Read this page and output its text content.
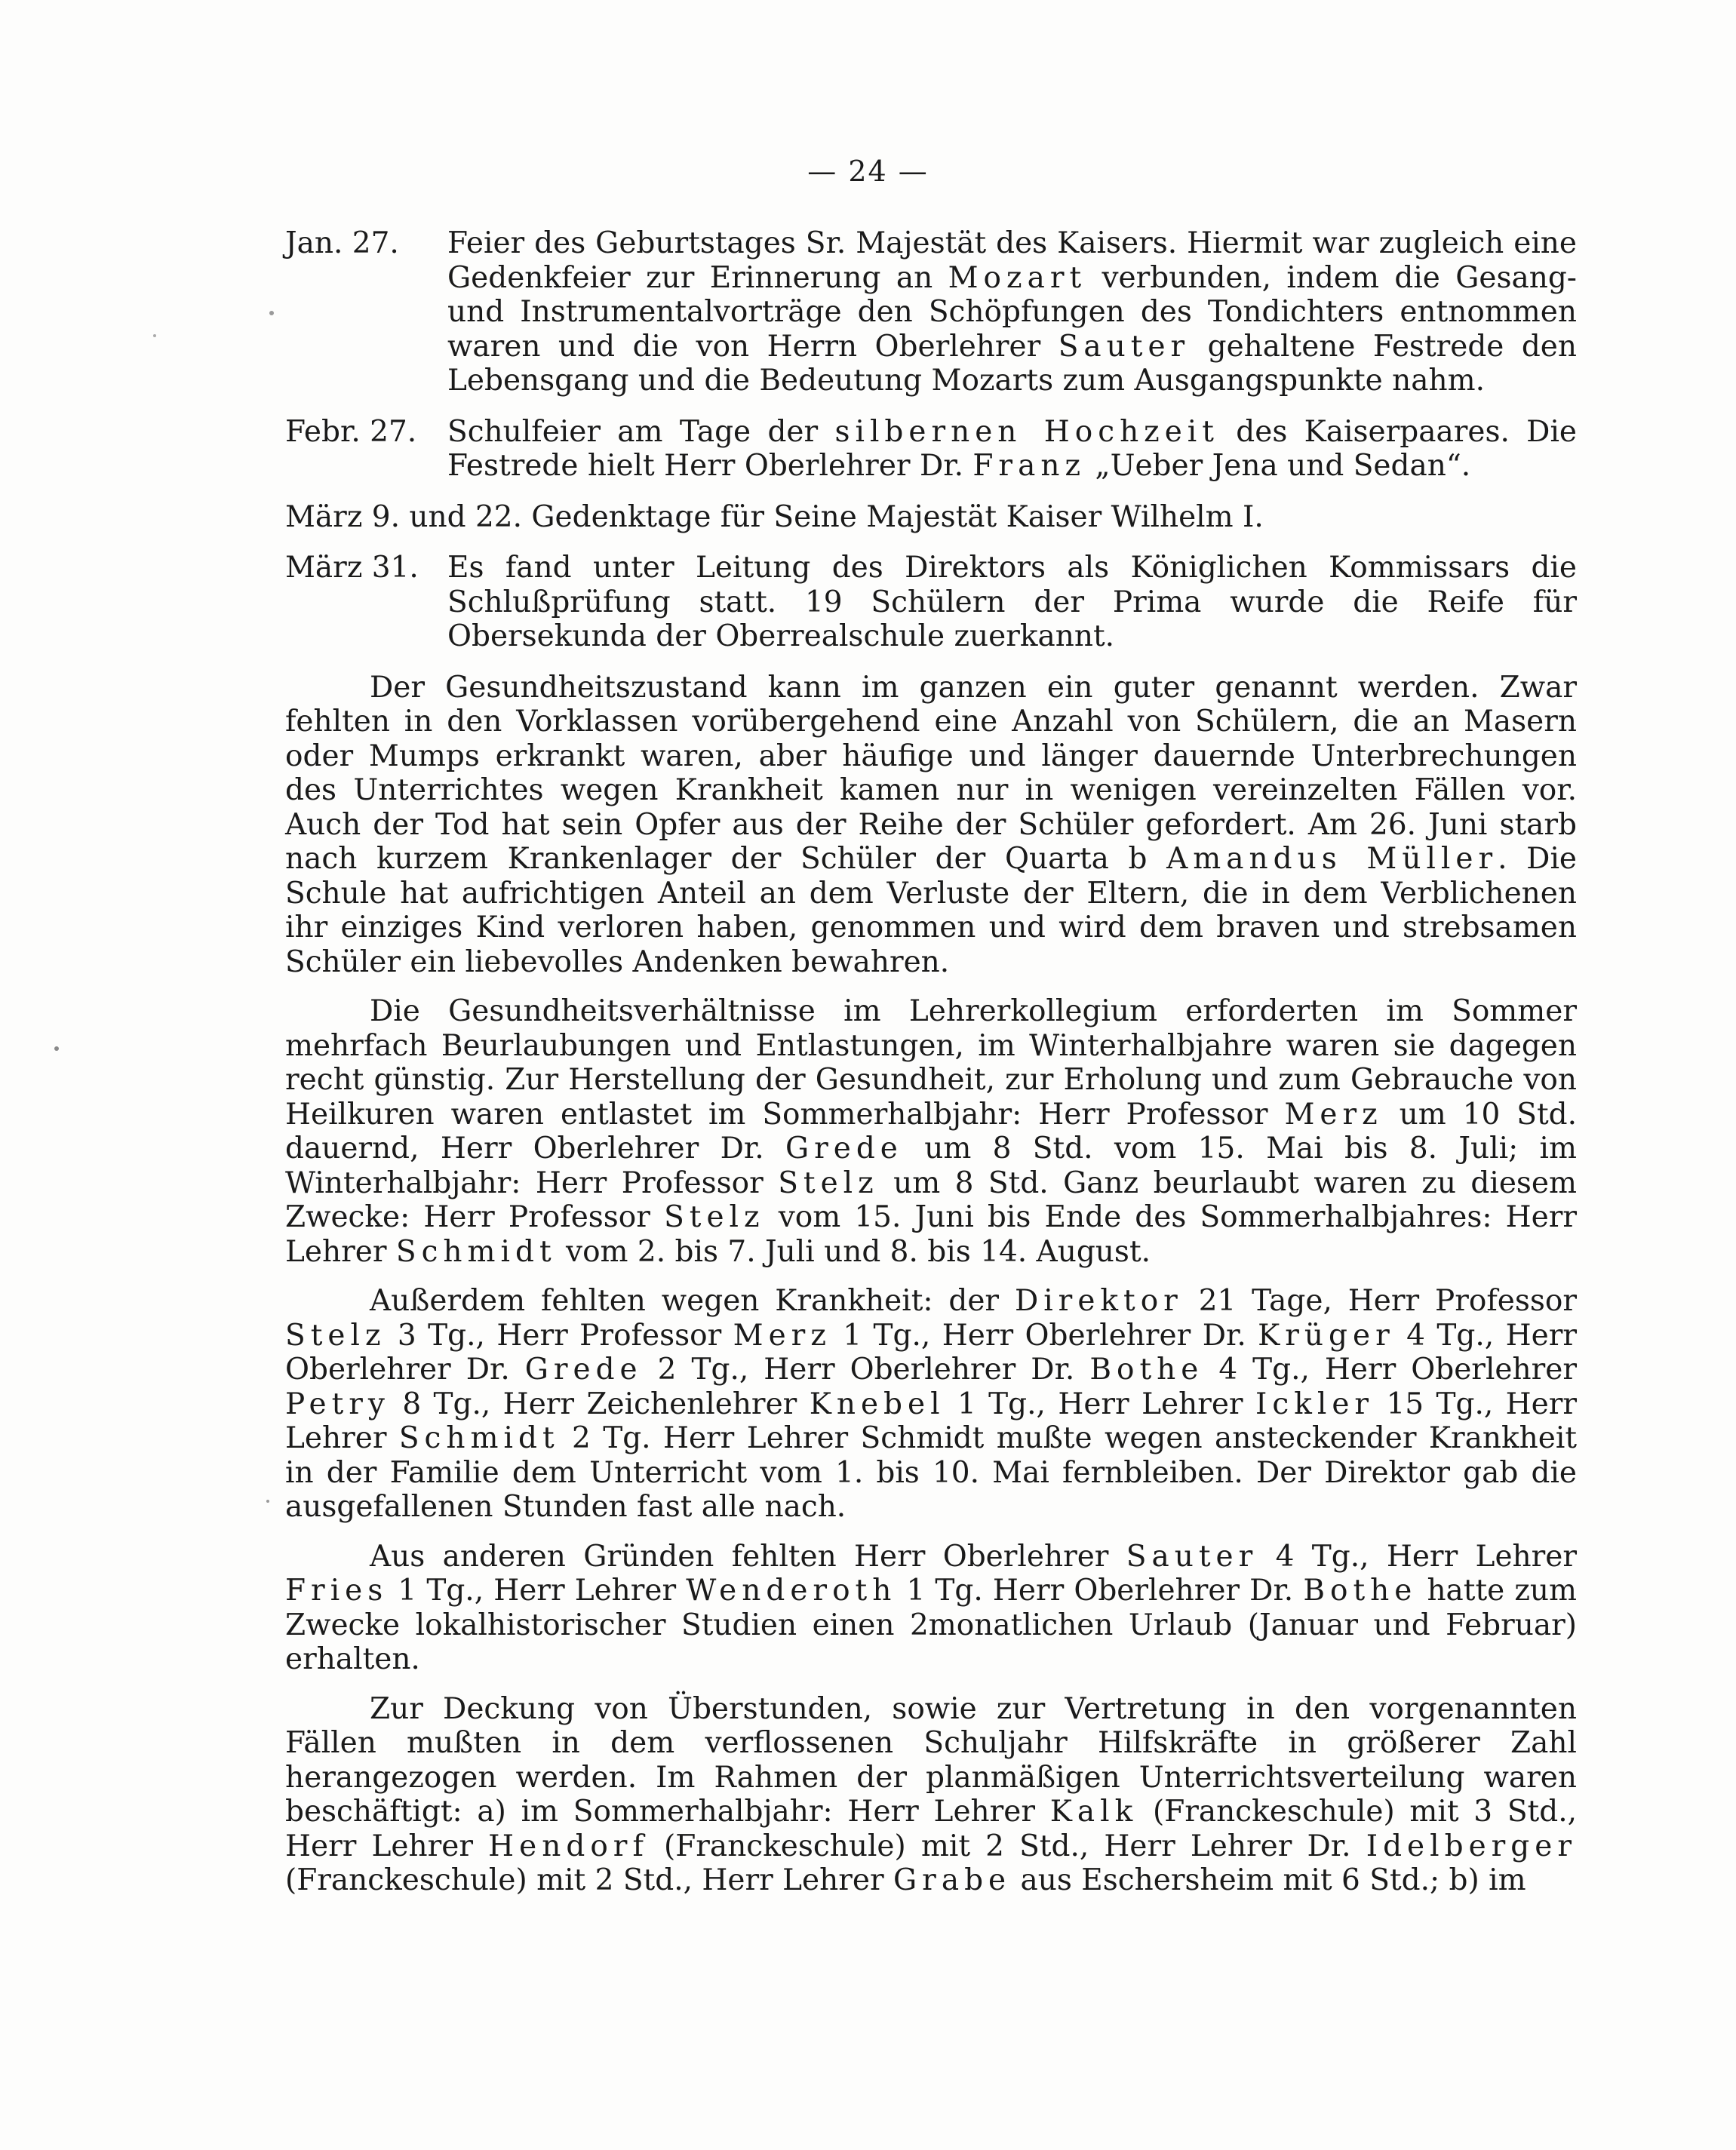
— 24 —
Jan. 27.	Feier des Geburtstages Sr. Majestät des Kaisers. Hiermit war zugleich eine Gedenkfeier zur Erinnerung an Mozart verbunden, indem die Gesang- und Instrumentalvorträge den Schöpfungen des Tondichters entnommen waren und die von Herrn Oberlehrer Sauter gehaltene Festrede den Lebensgang und die Bedeutung Mozarts zum Ausgangspunkte nahm.
Febr. 27.	Schulfeier am Tage der silbernen Hochzeit des Kaiserpaares. Die Festrede hielt Herr Oberlehrer Dr. Franz „Ueber Jena und Sedan“.
März 9. und 22. Gedenktage für Seine Majestät Kaiser Wilhelm I.
März 31. Es fand unter Leitung des Direktors als Königlichen Kommissars die Schlußprüfung statt. 19 Schülern der Prima wurde die Reife für Obersekunda der Oberrealschule zuerkannt.

Der Gesundheitszustand kann im ganzen ein guter genannt werden. Zwar fehlten in den Vorklassen vorübergehend eine Anzahl von Schülern, die an Masern oder Mumps erkrankt waren, aber häufige und länger dauernde Unterbrechungen des Unterrichtes wegen Krankheit kamen nur in wenigen vereinzelten Fällen vor. Auch der Tod hat sein Opfer aus der Reihe der Schüler gefordert. Am 26. Juni starb nach kurzem Krankenlager der Schüler der Quarta b Amandus Müller. Die Schule hat aufrichtigen Anteil an dem Verluste der Eltern, die in dem Verblichenen ihr einziges Kind verloren haben, genommen und wird dem braven und strebsamen Schüler ein liebevolles Andenken bewahren.

Die Gesundheitsverhältnisse im Lehrerkollegium erforderten im Sommer mehrfach Beurlaubungen und Entlastungen, im Winterhalbjahre waren sie dagegen recht günstig. Zur Herstellung der Gesundheit, zur Erholung und zum Gebrauche von Heilkuren waren entlastet im Sommerhalbjahr: Herr Professor Merz um 10 Std. dauernd, Herr Oberlehrer Dr. Grede um 8 Std. vom 15. Mai bis 8. Juli; im Winterhalbjahr: Herr Professor Stelz um 8 Std. Ganz beurlaubt waren zu diesem Zwecke: Herr Professor Stelz vom 15. Juni bis Ende des Sommerhalbjahres: Herr Lehrer Schmidt vom 2. bis 7. Juli und 8. bis 14. August.

Außerdem fehlten wegen Krankheit: der Direktor 21 Tage, Herr Professor Stelz 3 Tg., Herr Professor Merz 1 Tg., Herr Oberlehrer Dr. Krüger 4 Tg., Herr Oberlehrer Dr. Grede 2 Tg., Herr Oberlehrer Dr. Bothe 4 Tg., Herr Oberlehrer Petry 8 Tg., Herr Zeichenlehrer Knebel 1 Tg., Herr Lehrer Ickler 15 Tg., Herr Lehrer Schmidt 2 Tg. Herr Lehrer Schmidt mußte wegen ansteckender Krankheit in der Familie dem Unterricht vom 1. bis 10. Mai fernbleiben. Der Direktor gab die ausgefallenen Stunden fast alle nach.

Aus anderen Gründen fehlten Herr Oberlehrer Sauter 4 Tg., Herr Lehrer Fries 1 Tg., Herr Lehrer Wenderoth 1 Tg. Herr Oberlehrer Dr. Bothe hatte zum Zwecke lokalhistorischer Studien einen 2monatlichen Urlaub (Januar und Februar) erhalten.

Zur Deckung von Überstunden, sowie zur Vertretung in den vorgenannten Fällen mußten in dem verflossenen Schuljahr Hilfskräfte in größerer Zahl herangezogen werden. Im Rahmen der planmäßigen Unterrichtsverteilung waren beschäftigt: a) im Sommerhalbjahr: Herr Lehrer Kalk (Franckeschule) mit 3 Std., Herr Lehrer Hendorf (Franckeschule) mit 2 Std., Herr Lehrer Dr. Idelberger (Franckeschule) mit 2 Std., Herr Lehrer Grabe aus Eschersheim mit 6 Std.; b) im
